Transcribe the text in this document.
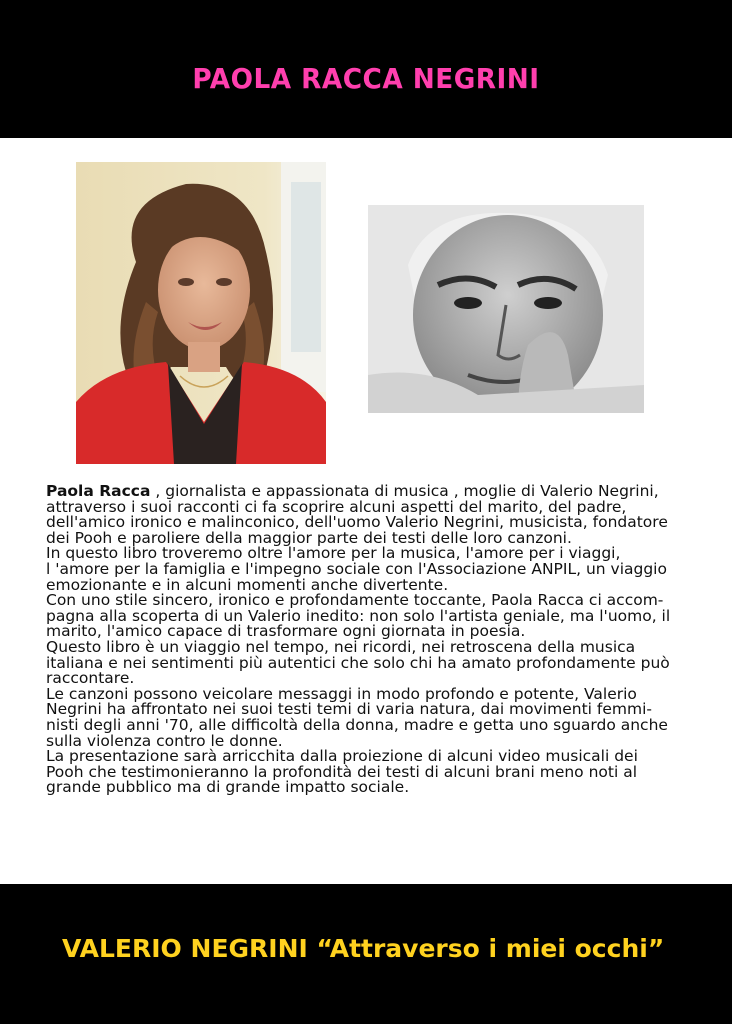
PAOLA RACCA NEGRINI
Paola Racca , giornalista e appassionata di musica , moglie di Valerio Negrini,
attraverso i suoi racconti ci fa scoprire alcuni aspetti del marito, del padre,
dell'amico ironico e malinconico, dell'uomo Valerio Negrini, musicista, fondatore
dei Pooh e paroliere della maggior parte dei testi delle loro canzoni.
In questo libro troveremo oltre l'amore per la musica, l'amore per i viaggi,
l 'amore per la famiglia e l'impegno sociale con l'Associazione ANPIL, un viaggio
emozionante e in alcuni momenti anche divertente.
Con uno stile sincero, ironico e profondamente toccante, Paola Racca ci accom-
pagna alla scoperta di un Valerio inedito: non solo l'artista geniale, ma l'uomo, il
marito, l'amico capace di trasformare ogni giornata in poesia.
Questo libro è un viaggio nel tempo, nei ricordi, nei retroscena della musica
italiana e nei sentimenti più autentici che solo chi ha amato profondamente può
raccontare.
Le canzoni possono veicolare messaggi in modo profondo e potente, Valerio
Negrini ha affrontato nei suoi testi temi di varia natura, dai movimenti femmi-
nisti degli anni '70, alle difficoltà della donna, madre e getta uno sguardo anche
sulla violenza contro le donne.
La presentazione sarà arricchita dalla proiezione di alcuni video musicali dei
Pooh che testimonieranno la profondità dei testi di alcuni brani meno noti al
grande pubblico ma di grande impatto sociale.
VALERIO NEGRINI “Attraverso i miei occhi”
